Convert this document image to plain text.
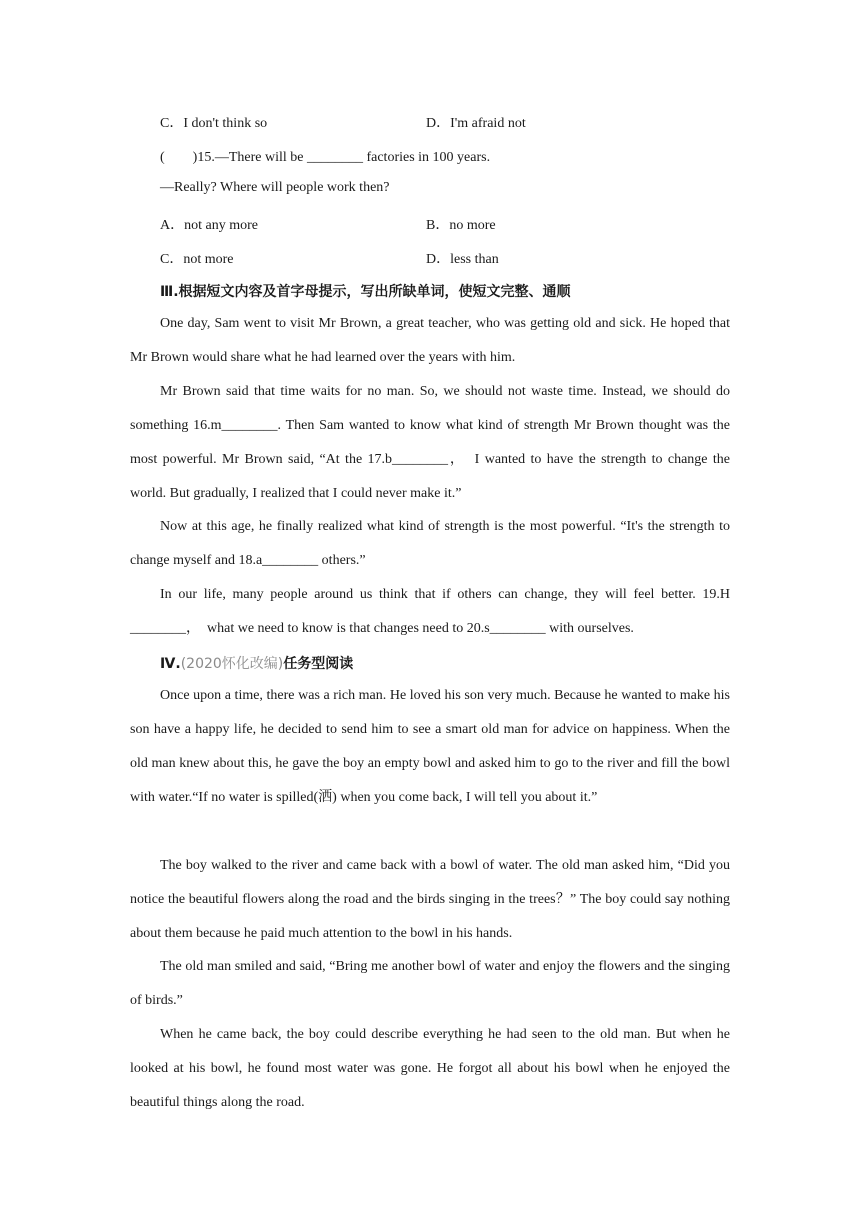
C．I don't think so	D．I'm afraid not
(　　)15.—There will be ________ factories in 100 years.
—Really? Where will people work then?
A．not any more	B．no more
C．not more	D．less than
Ⅲ.根据短文内容及首字母提示，写出所缺单词，使短文完整、通顺
One day, Sam went to visit Mr Brown, a great teacher, who was getting old and sick. He hoped that Mr Brown would share what he had learned over the years with him.
Mr Brown said that time waits for no man. So, we should not waste time. Instead, we should do something 16.m________. Then Sam wanted to know what kind of strength Mr Brown thought was the most powerful. Mr Brown said, “At the 17.b________，　I wanted to have the strength to change the world. But gradually, I realized that I could never make it.”
Now at this age, he finally realized what kind of strength is the most powerful. “It's the strength to change myself and 18.a________ others.”
In our life, many people around us think that if others can change, they will feel better. 19.H ________，　what we need to know is that changes need to 20.s________ with ourselves.
Ⅳ.(2020怀化改编)任务型阅读
Once upon a time, there was a rich man. He loved his son very much. Because he wanted to make his son have a happy life, he decided to send him to see a smart old man for advice on happiness. When the old man knew about this, he gave the boy an empty bowl and asked him to go to the river and fill the bowl with water.“If no water is spilled(洒) when you come back, I will tell you about it.”
The boy walked to the river and came back with a bowl of water. The old man asked him, “Did you notice the beautiful flowers along the road and the birds singing in the trees？” The boy could say nothing about them because he paid much attention to the bowl in his hands.
The old man smiled and said, “Bring me another bowl of water and enjoy the flowers and the singing of birds.”
When he came back, the boy could describe everything he had seen to the old man. But when he looked at his bowl, he found most water was gone. He forgot all about his bowl when he enjoyed the beautiful things along the road.
